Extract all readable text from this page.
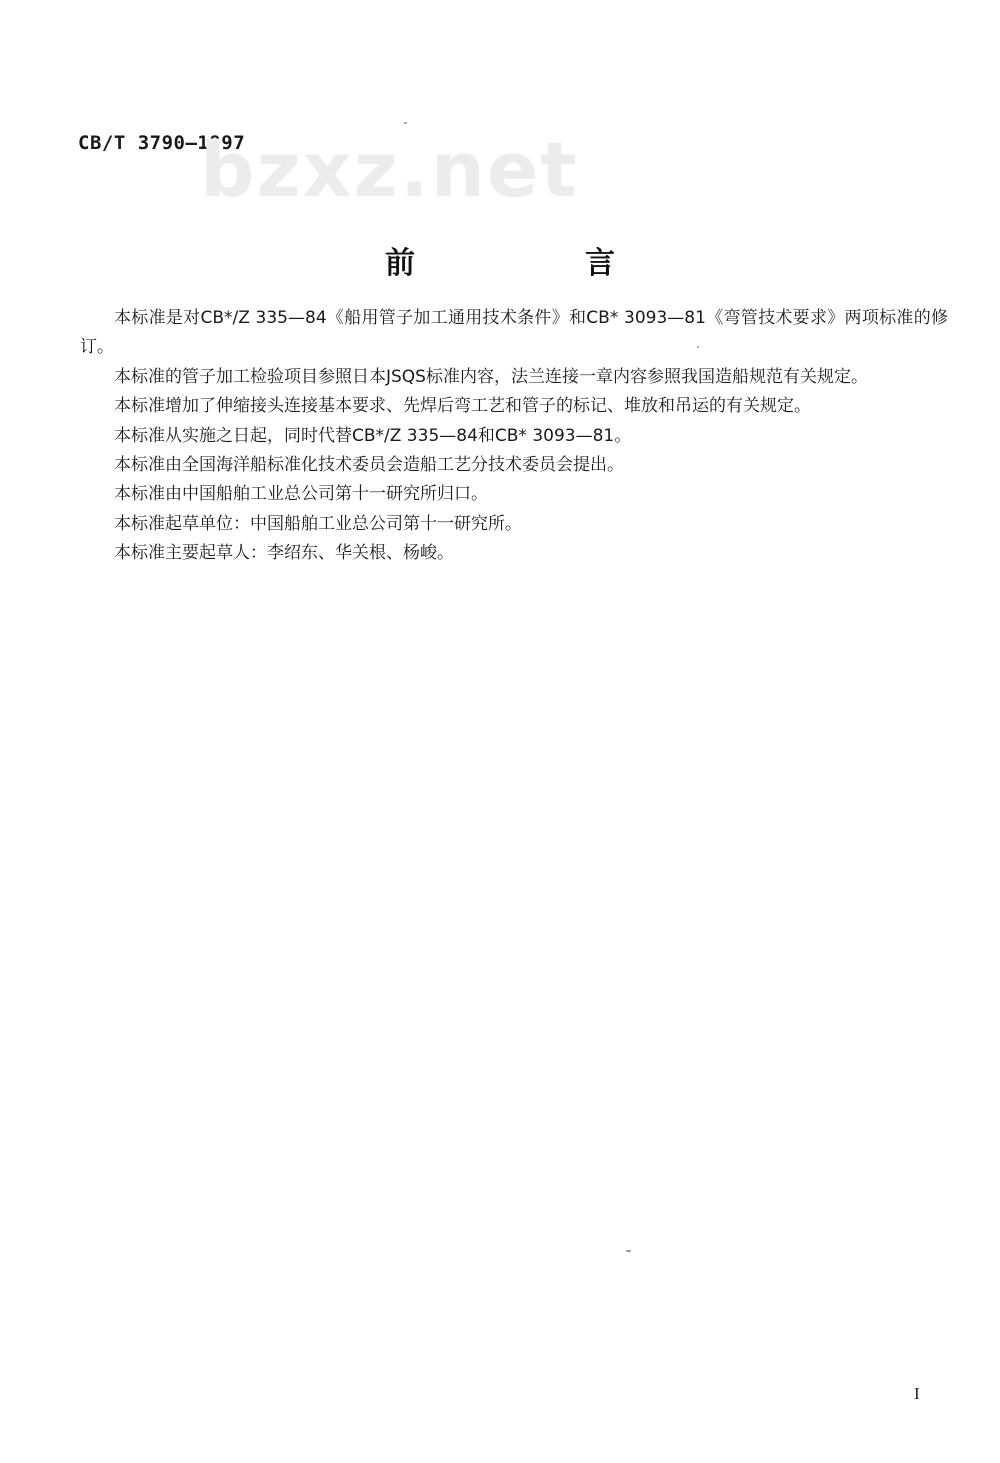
CB/T 3790—1997
bzxz.net
前　言

本标准是对CB*/Z 335—84《船用管子加工通用技术条件》和CB* 3093—81《弯管技术要求》两项标准的修订。

本标准的管子加工检验项目参照日本JSQS标准内容，法兰连接一章内容参照我国造船规范有关规定。

本标准增加了伸缩接头连接基本要求、先焊后弯工艺和管子的标记、堆放和吊运的有关规定。

本标准从实施之日起，同时代替CB*/Z 335—84和CB* 3093—81。

本标准由全国海洋船标准化技术委员会造船工艺分技术委员会提出。

本标准由中国船舶工业总公司第十一研究所归口。

本标准起草单位：中国船舶工业总公司第十一研究所。

本标准主要起草人：李绍东、华关根、杨峻。

I
